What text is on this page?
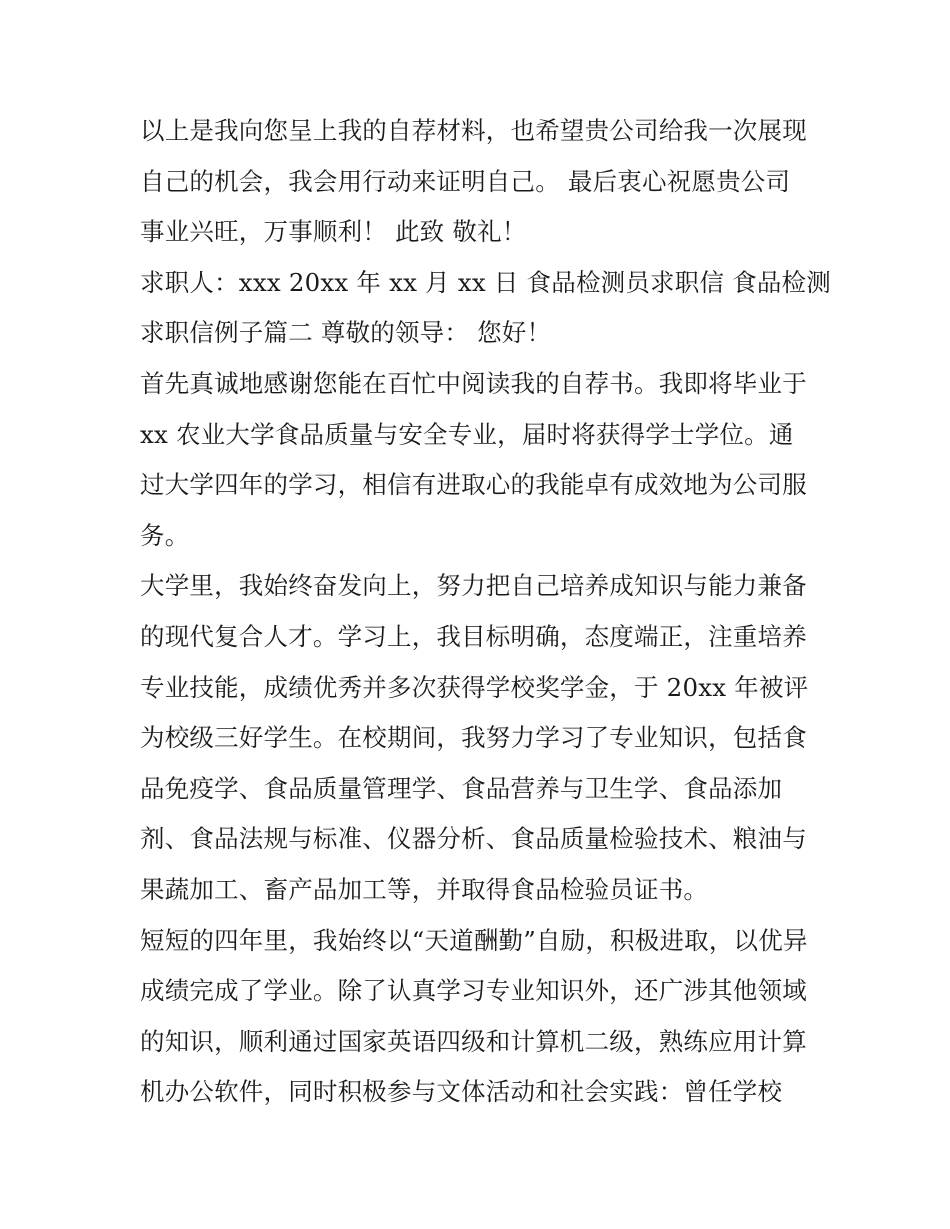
以上是我向您呈上我的自荐材料，也希望贵公司给我一次展现
自己的机会，我会用行动来证明自己。 最后衷心祝愿贵公司
事业兴旺，万事顺利！ 此致 敬礼！
求职人：xxx 20xx 年 xx 月 xx 日 食品检测员求职信 食品检测
求职信例子篇二 尊敬的领导： 您好！
首先真诚地感谢您能在百忙中阅读我的自荐书。我即将毕业于
xx 农业大学食品质量与安全专业，届时将获得学士学位。通
过大学四年的学习，相信有进取心的我能卓有成效地为公司服
务。
大学里，我始终奋发向上，努力把自己培养成知识与能力兼备
的现代复合人才。学习上，我目标明确，态度端正，注重培养
专业技能，成绩优秀并多次获得学校奖学金，于 20xx 年被评
为校级三好学生。在校期间，我努力学习了专业知识，包括食
品免疫学、食品质量管理学、食品营养与卫生学、食品添加
剂、食品法规与标准、仪器分析、食品质量检验技术、粮油与
果蔬加工、畜产品加工等，并取得食品检验员证书。
短短的四年里，我始终以“天道酬勤”自励，积极进取，以优异
成绩完成了学业。除了认真学习专业知识外，还广涉其他领域
的知识，顺利通过国家英语四级和计算机二级，熟练应用计算
机办公软件，同时积极参与文体活动和社会实践：曾任学校
